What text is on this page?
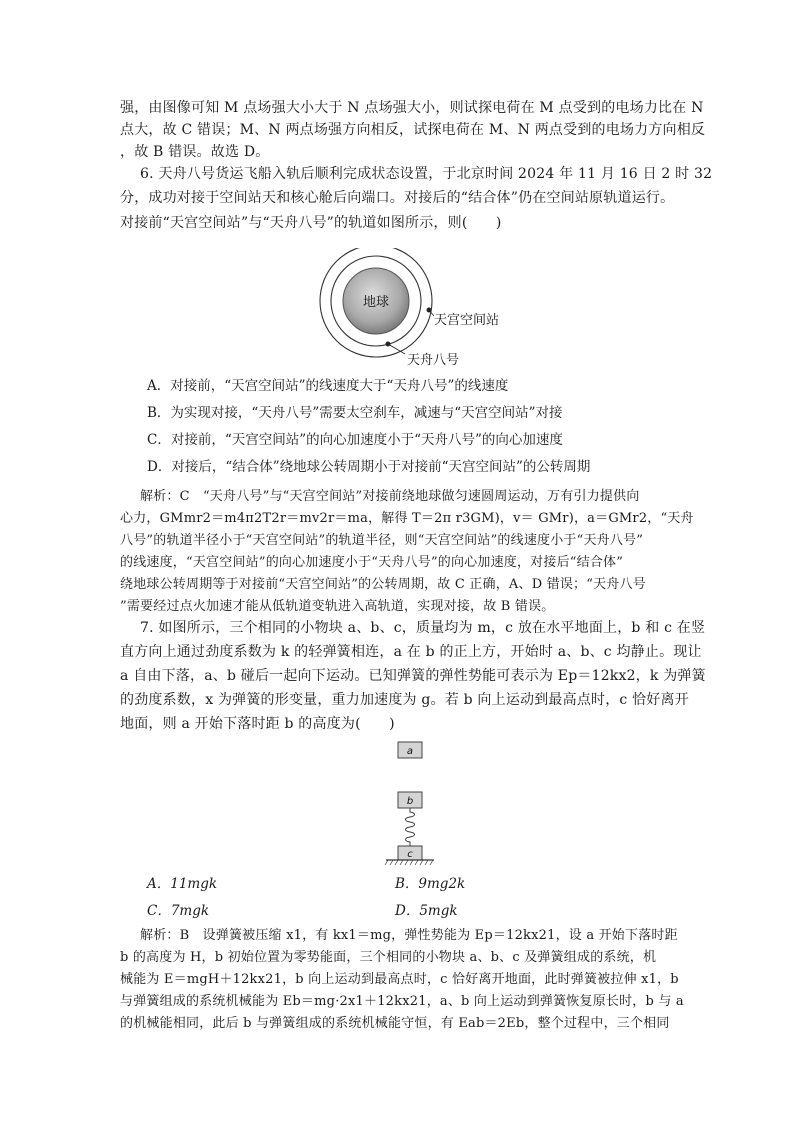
强，由图像可知 M 点场强大小大于 N 点场强大小，则试探电荷在 M 点受到的电场力比在 N
点大，故 C 错误；M、N 两点场强方向相反，试探电荷在 M、N 两点受到的电场力方向相反
，故 B 错误。故选 D。
6. 天舟八号货运飞船入轨后顺利完成状态设置，于北京时间 2024 年 11 月 16 日 2 时 32
分，成功对接于空间站天和核心舱后向端口。对接后的“结合体”仍在空间站原轨道运行。
对接前“天宫空间站”与“天舟八号”的轨道如图所示，则(　　)
地球
天宫空间站
天舟八号
A．对接前，“天宫空间站”的线速度大于“天舟八号”的线速度
B．为实现对接，“天舟八号”需要太空刹车，减速与“天宫空间站”对接
C．对接前，“天宫空间站”的向心加速度小于“天舟八号”的向心加速度
D．对接后，“结合体”绕地球公转周期小于对接前“天宫空间站”的公转周期
解析：C　“天舟八号”与“天宫空间站”对接前绕地球做匀速圆周运动，万有引力提供向
心力，GMmr2＝m4π2T2r＝mv2r＝ma，解得 T＝2π r3GM)，v＝ GMr)，a＝GMr2，“天舟
八号”的轨道半径小于“天宫空间站”的轨道半径，则“天宫空间站”的线速度小于“天舟八号”
的线速度，“天宫空间站”的向心加速度小于“天舟八号”的向心加速度，对接后“结合体”
绕地球公转周期等于对接前“天宫空间站”的公转周期，故 C 正确，A、D 错误；“天舟八号
”需要经过点火加速才能从低轨道变轨进入高轨道，实现对接，故 B 错误。
7. 如图所示，三个相同的小物块 a、b、c，质量均为 m，c 放在水平地面上，b 和 c 在竖
直方向上通过劲度系数为 k 的轻弹簧相连，a 在 b 的正上方，开始时 a、b、c 均静止。现让
a 自由下落，a、b 碰后一起向下运动。已知弹簧的弹性势能可表示为 Ep＝12kx2，k 为弹簧
的劲度系数，x 为弹簧的形变量，重力加速度为 g。若 b 向上运动到最高点时，c 恰好离开
地面，则 a 开始下落时距 b 的高度为(　　)
a
b
c
A．11mgk	B．9mg2k
C．7mgk	D．5mgk
解析：B　设弹簧被压缩 x1，有 kx1＝mg，弹性势能为 Ep＝12kx21，设 a 开始下落时距
b 的高度为 H，b 初始位置为零势能面，三个相同的小物块 a、b、c 及弹簧组成的系统，机
械能为 E＝mgH＋12kx21，b 向上运动到最高点时，c 恰好离开地面，此时弹簧被拉伸 x1，b
与弹簧组成的系统机械能为 Eb＝mg·2x1＋12kx21，a、b 向上运动到弹簧恢复原长时，b 与 a
的机械能相同，此后 b 与弹簧组成的系统机械能守恒，有 Eab＝2Eb，整个过程中，三个相同
